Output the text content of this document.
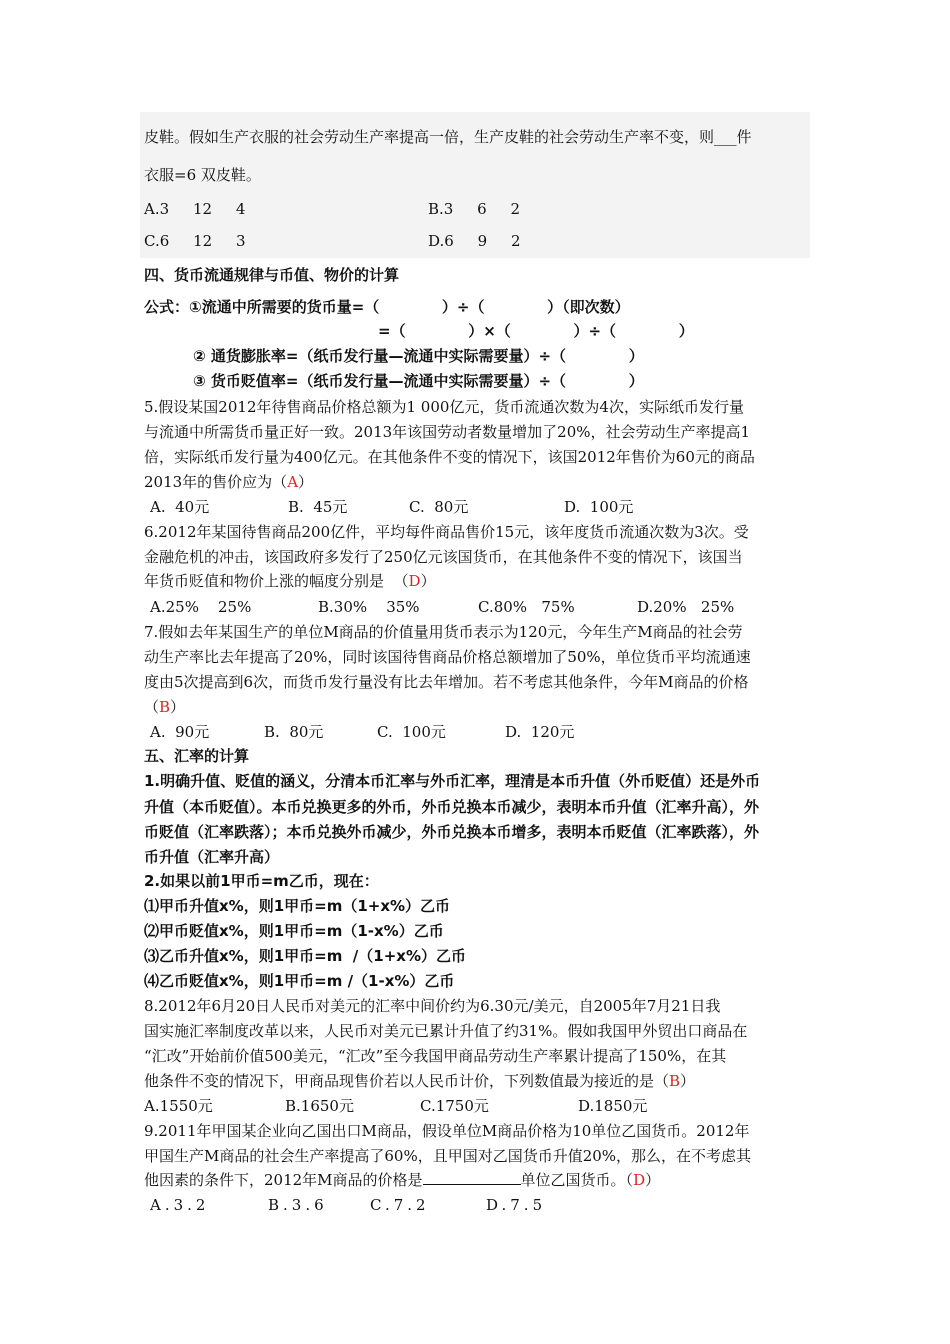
皮鞋。假如生产衣服的社会劳动生产率提高一倍，生产皮鞋的社会劳动生产率不变，则___件
衣服=6 双皮鞋。
A.3     12     4	B.3     6     2
C.6     12     3	D.6     9     2
四、货币流通规律与币值、物价的计算
公式：①流通中所需要的货币量=（            ）÷（            ）（即次数）
=（            ）×（            ）÷（            ）
② 通货膨胀率=（纸币发行量—流通中实际需要量）÷（            ）
③ 货币贬值率=（纸币发行量—流通中实际需要量）÷（            ）
5.假设某国2012年待售商品价格总额为1 000亿元，货币流通次数为4次，实际纸币发行量
与流通中所需货币量正好一致。2013年该国劳动者数量增加了20%，社会劳动生产率提高1
倍，实际纸币发行量为400亿元。在其他条件不变的情况下，该国2012年售价为60元的商品
2013年的售价应为（A）
A.  40元	B.  45元	C.  80元	D.  100元
6.2012年某国待售商品200亿件，平均每件商品售价15元，该年度货币流通次数为3次。受
金融危机的冲击，该国政府多发行了250亿元该国货币，在其他条件不变的情况下，该国当
年货币贬值和物价上涨的幅度分别是  （D）
A.25%    25%	B.30%    35%	C.80%   75%	D.20%   25%
7.假如去年某国生产的单位M商品的价值量用货币表示为120元，今年生产M商品的社会劳
动生产率比去年提高了20%，同时该国待售商品价格总额增加了50%，单位货币平均流通速
度由5次提高到6次，而货币发行量没有比去年增加。若不考虑其他条件，今年M商品的价格
（B）
A.  90元	B.  80元	C.  100元	D.  120元
五、汇率的计算
1.明确升值、贬值的涵义，分清本币汇率与外币汇率，理清是本币升值（外币贬值）还是外币
升值（本币贬值）。本币兑换更多的外币，外币兑换本币减少，表明本币升值（汇率升高），外
币贬值（汇率跌落）；本币兑换外币减少，外币兑换本币增多，表明本币贬值（汇率跌落），外
币升值（汇率升高）
2.如果以前1甲币=m乙币，现在：
⑴甲币升值x%，则1甲币=m（1+x%）乙币
⑵甲币贬值x%，则1甲币=m（1-x%）乙币
⑶乙币升值x%，则1甲币=m  /（1+x%）乙币
⑷乙币贬值x%，则1甲币=m /（1-x%）乙币
8.2012年6月20日人民币对美元的汇率中间价约为6.30元/美元，自2005年7月21日我
国实施汇率制度改革以来，人民币对美元已累计升值了约31%。假如我国甲外贸出口商品在
“汇改”开始前价值500美元，“汇改”至今我国甲商品劳动生产率累计提高了150%，在其
他条件不变的情况下，甲商品现售价若以人民币计价，下列数值最为接近的是（B）
A.1550元	B.1650元	C.1750元	D.1850元
9.2011年甲国某企业向乙国出口M商品，假设单位M商品价格为10单位乙国货币。2012年
甲国生产M商品的社会生产率提高了60%，且甲国对乙国货币升值20%，那么，在不考虑其
他因素的条件下，2012年M商品的价格是	单位乙国货币。（D）
A.3.2	B.3.6	C.7.2	D.7.5
